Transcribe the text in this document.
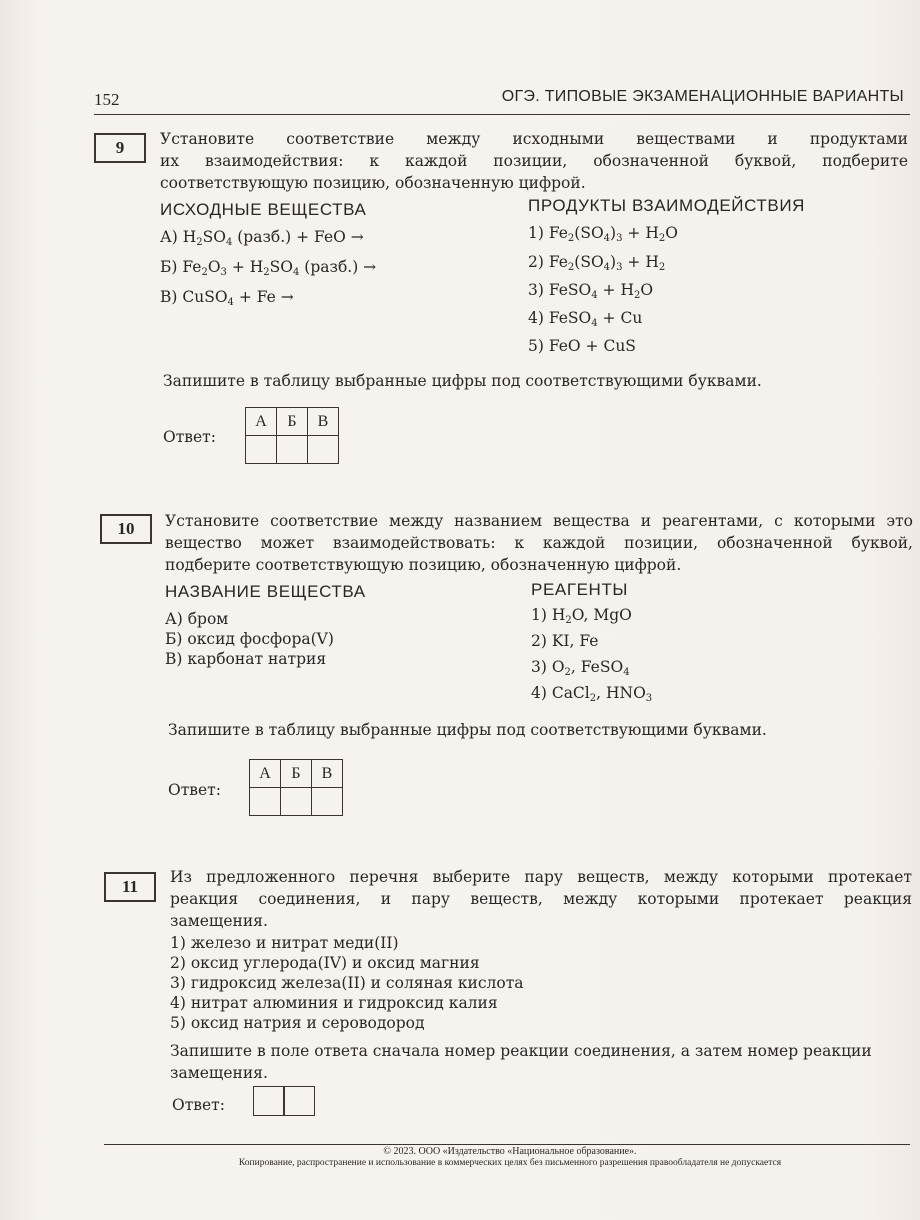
152	ОГЭ. ТИПОВЫЕ ЭКЗАМЕНАЦИОННЫЕ ВАРИАНТЫ
9	Установите соответствие между исходными веществами и продуктами
их взаимодействия: к каждой позиции, обозначенной буквой, подберите
соответствующую позицию, обозначенную цифрой.
ИСХОДНЫЕ ВЕЩЕСТВА	ПРОДУКТЫ ВЗАИМОДЕЙСТВИЯ
А) $H_2SO_4$ (разб.) + FeO →
Б) $Fe_2O_3 + H_2SO_4$ (разб.) →
В) CuSO$_4$ + Fe →
1) $Fe_2(SO_4)_3 + H_2O$
2) $Fe_2(SO_4)_3 + H_2$
3) FeSO$_4$ + $H_2O$
4) FeSO$_4$ + Cu
5) FeO + CuS
Запишите в таблицу выбранные цифры под соответствующими буквами.
Ответ:
А	Б	В

10	Установите соответствие между названием вещества и реагентами, с которыми это
вещество может взаимодействовать: к каждой позиции, обозначенной буквой,
подберите соответствующую позицию, обозначенную цифрой.
НАЗВАНИЕ ВЕЩЕСТВА	РЕАГЕНТЫ
А) бром
Б) оксид фосфора(V)
В) карбонат натрия
1) $H_2O$, MgO
2) KI, Fe
3) $O_2$, FeSO$_4$
4) CaCl$_2$, $HNO_3$
Запишите в таблицу выбранные цифры под соответствующими буквами.
Ответ:
А	Б	В

11	Из предложенного перечня выберите пару веществ, между которыми протекает
реакция соединения, и пару веществ, между которыми протекает реакция
замещения.
1) железо и нитрат меди(II)
2) оксид углерода(IV) и оксид магния
3) гидроксид железа(II) и соляная кислота
4) нитрат алюминия и гидроксид калия
5) оксид натрия и сероводород
Запишите в поле ответа сначала номер реакции соединения, а затем номер реакции
замещения.
Ответ:
© 2023. ООО «Издательство «Национальное образование».
Копирование, распространение и использование в коммерческих целях без письменного разрешения правообладателя не допускается
